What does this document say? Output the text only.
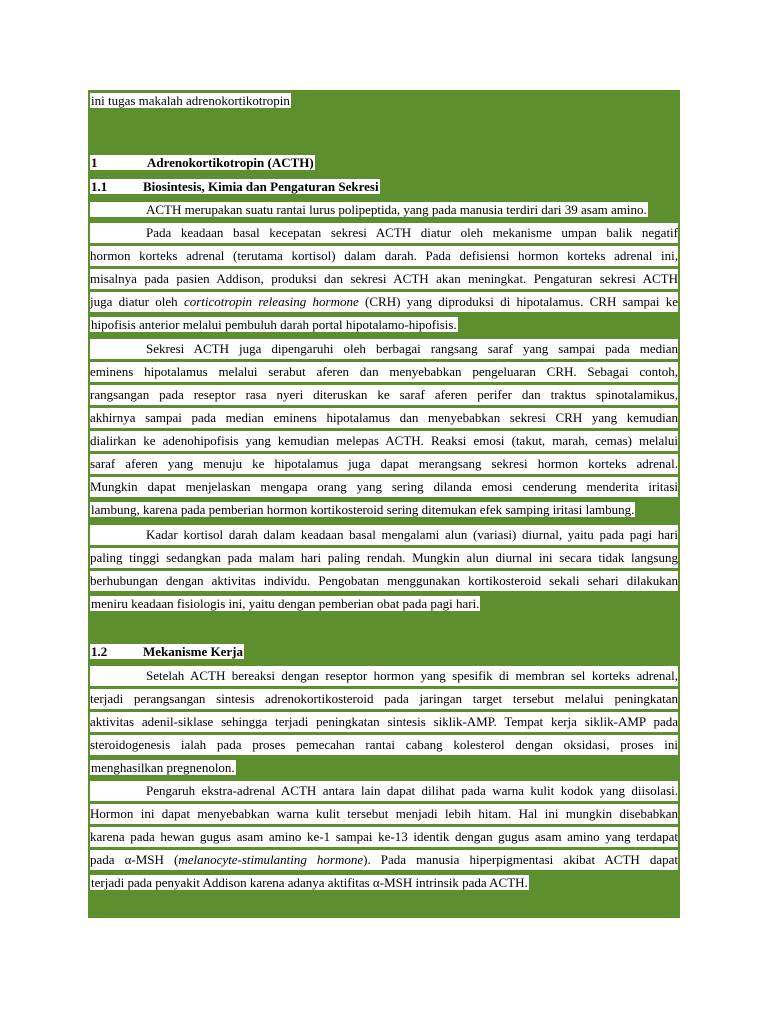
ini tugas makalah adrenokortikotropin
1	Adrenokortikotropin (ACTH)
1.1	Biosintesis, Kimia dan Pengaturan Sekresi
ACTH merupakan suatu rantai lurus polipeptida, yang pada manusia terdiri dari 39 asam amino.
Pada keadaan basal kecepatan sekresi ACTH diatur oleh mekanisme umpan balik negatif
hormon korteks adrenal (terutama kortisol) dalam darah. Pada defisiensi hormon korteks adrenal ini,
misalnya pada pasien Addison, produksi dan sekresi ACTH akan meningkat. Pengaturan sekresi ACTH
juga diatur oleh corticotropin releasing hormone (CRH) yang diproduksi di hipotalamus. CRH sampai ke
hipofisis anterior melalui pembuluh darah portal hipotalamo-hipofisis.
Sekresi ACTH juga dipengaruhi oleh berbagai rangsang saraf yang sampai pada median
eminens hipotalamus melalui serabut aferen dan menyebabkan pengeluaran CRH. Sebagai contoh,
rangsangan pada reseptor rasa nyeri diteruskan ke saraf aferen perifer dan traktus spinotalamikus,
akhirnya sampai pada median eminens hipotalamus dan menyebabkan sekresi CRH yang kemudian
dialirkan ke adenohipofisis yang kemudian melepas ACTH. Reaksi emosi (takut, marah, cemas) melalui
saraf aferen yang menuju ke hipotalamus juga dapat merangsang sekresi hormon korteks adrenal.
Mungkin dapat menjelaskan mengapa orang yang sering dilanda emosi cenderung menderita iritasi
lambung, karena pada pemberian hormon kortikosteroid sering ditemukan efek samping iritasi lambung.
Kadar kortisol darah dalam keadaan basal mengalami alun (variasi) diurnal, yaitu pada pagi hari
paling tinggi sedangkan pada malam hari paling rendah. Mungkin alun diurnal ini secara tidak langsung
berhubungan dengan aktivitas individu. Pengobatan menggunakan kortikosteroid sekali sehari dilakukan
meniru keadaan fisiologis ini, yaitu dengan pemberian obat pada pagi hari.
1.2	Mekanisme Kerja
Setelah ACTH bereaksi dengan reseptor hormon yang spesifik di membran sel korteks adrenal,
terjadi perangsangan sintesis adrenokortikosteroid pada jaringan target tersebut melalui peningkatan
aktivitas adenil-siklase sehingga terjadi peningkatan sintesis siklik-AMP. Tempat kerja siklik-AMP pada
steroidogenesis ialah pada proses pemecahan rantai cabang kolesterol dengan oksidasi, proses ini
menghasilkan pregnenolon.
Pengaruh ekstra-adrenal ACTH antara lain dapat dilihat pada warna kulit kodok yang diisolasi.
Hormon ini dapat menyebabkan warna kulit tersebut menjadi lebih hitam. Hal ini mungkin disebabkan
karena pada hewan gugus asam amino ke-1 sampai ke-13 identik dengan gugus asam amino yang terdapat
pada α-MSH (melanocyte-stimulanting hormone). Pada manusia hiperpigmentasi akibat ACTH dapat
terjadi pada penyakit Addison karena adanya aktifitas α-MSH intrinsik pada ACTH.
